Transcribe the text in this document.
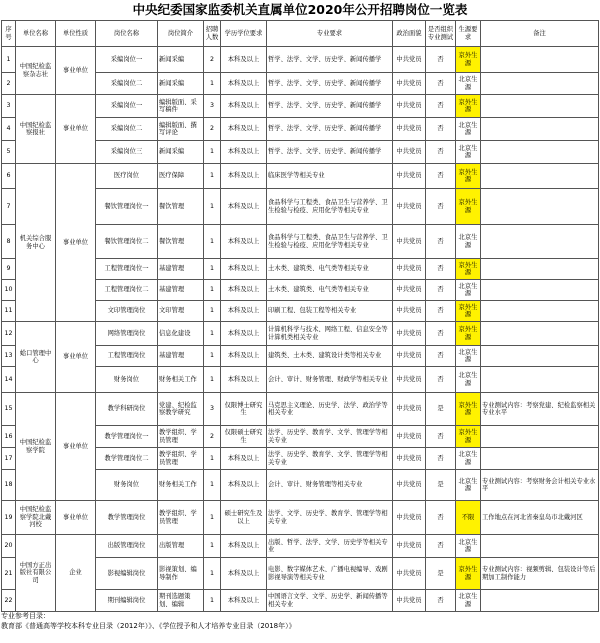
中央纪委国家监委机关直属单位2020年公开招聘岗位一览表
序号	单位名称	单位性质	岗位名称	岗位简介	招聘人数	学历学位要求	专业要求	政治面貌	是否组织专业测试	生源要求	备注
1	中国纪检监察杂志社	事业单位	采编岗位一	新闻采编	2	本科及以上	哲学、法学、文学、历史学、新闻传播学	中共党员	否	京外生源	
2			采编岗位二	新闻采编	1	本科及以上	哲学、法学、文学、历史学、新闻传播学	中共党员	否	北京生源	
3	中国纪检监察报社	事业单位	采编岗位一	编辑版面、采写稿件	3	本科及以上	哲学、法学、文学、历史学、新闻传播学	中共党员	否	京外生源	
4			采编岗位二	编辑版面、撰写评论	2	本科及以上	哲学、法学、文学、历史学、新闻传播学	中共党员	否	北京生源	
5			采编岗位三	新闻采编	1	本科及以上	哲学、法学、文学、历史学、新闻传播学	中共党员	否	北京生源	
6	机关综合服务中心	事业单位	医疗岗位	医疗保障	1	本科及以上	临床医学等相关专业	中共党员	否	京外生源	
7			餐饮管理岗位一	餐饮管理	1	本科及以上	食品科学与工程类、食品卫生与营养学、卫生检验与检疫、应用化学等相关专业	中共党员	否	京外生源	
8			餐饮管理岗位二	餐饮管理	1	本科及以上	食品科学与工程类、食品卫生与营养学、卫生检验与检疫、应用化学等相关专业	中共党员	否	北京生源	
9			工程管理岗位一	基建管理	1	本科及以上	土木类、建筑类、电气类等相关专业	中共党员	否	京外生源	
10			工程管理岗位二	基建管理	1	本科及以上	土木类、建筑类、电气类等相关专业	中共党员	否	北京生源	
11			文印管理岗位	文印管理	1	本科及以上	印刷工程、包装工程等相关专业	中共党员	否	京外生源	
12	蛤口管理中心	事业单位	网络管理岗位	信息化建设	1	本科及以上	计算机科学与技术、网络工程、信息安全等计算机类相关专业	中共党员	否	京外生源	
13			工程管理岗位	基建管理	1	本科及以上	建筑类、土木类、建筑设计类等相关专业	中共党员	否	北京生源	
14			财务岗位	财务相关工作	1	本科及以上	会计、审计、财务管理、财政学等相关专业	中共党员	否	北京生源	
15	中国纪检监察学院	事业单位	教学科研岗位	党建、纪检监察教学研究	3	仅限博士研究生	马克思主义理论、历史学、法学、政治学等相关专业	中共党员	是	京外生源	专业测试内容：考察党建、纪检监察相关专业水平
16			教学管理岗位一	教学组织、学员管理	2	仅限硕士研究生	法学、历史学、教育学、文学、管理学等相关专业	中共党员	否	京外生源	
17			教学管理岗位二	教学组织、学员管理	1	本科及以上	法学、历史学、教育学、文学、管理学等相关专业	中共党员	否	北京生源	
18			财务岗位	财务相关工作	1	本科及以上	会计、审计、财务管理等相关专业	中共党员	是	北京生源	专业测试内容：考察财务会计相关专业水平
19	中国纪检监察学院北戴河校	事业单位	教学管理岗位	教学组织、学员管理	1	硕士研究生及以上	法学、文学、历史学、教育学、管理学等相关专业	中共党员	否	不限	工作地点在河北省秦皇岛市北戴河区
20	中国方正出版社有限公司	企业	出版管理岗位	出版管理	1	本科及以上	出版、哲学、法学、文学、历史学等相关专业	中共党员	否	北京生源	
21			影视编辑岗位	影视策划、编导制作	1	本科及以上	电影、数字媒体艺术、广播电视编导、戏剧影视导演等相关专业	中共党员	是	京外生源	专业测试内容：视频剪辑、包装设计等后期加工制作能力
22			期刊编辑岗位	期刊选题策划、编辑	1	本科及以上	中国语言文学、文学、历史学、新闻传播等相关专业	中共党员	否	北京生源	
专业参考目录：
教育部《普通高等学校本科专业目录（2012年）》、《学位授予和人才培养专业目录（2018年）》
